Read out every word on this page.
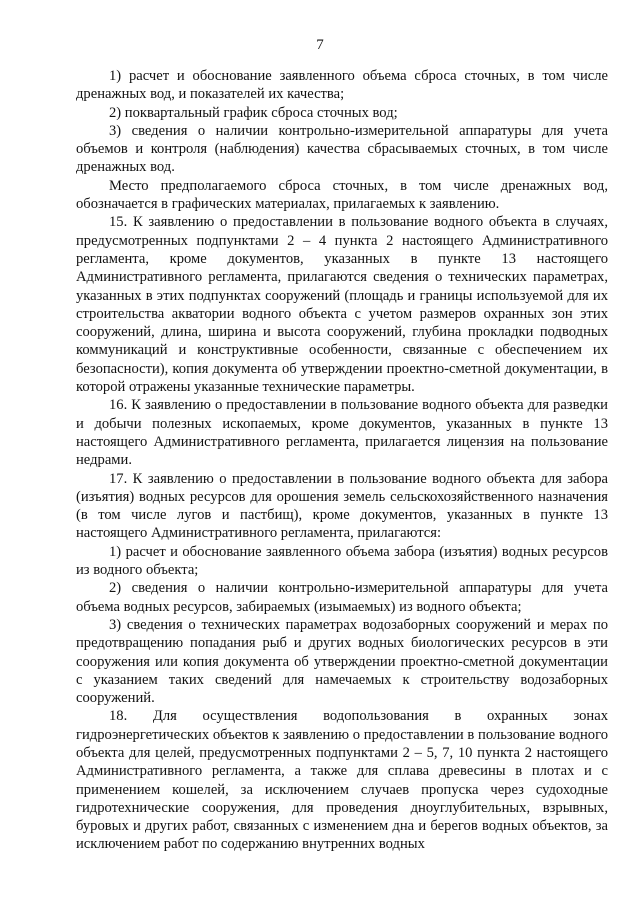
7

1) расчет и обоснование заявленного объема сброса сточных, в том числе дренажных вод, и показателей их качества;

2) поквартальный график сброса сточных вод;

3) сведения о наличии контрольно-измерительной аппаратуры для учета объемов и контроля (наблюдения) качества сбрасываемых сточных, в том числе дренажных вод.

Место предполагаемого сброса сточных, в том числе дренажных вод, обозначается в графических материалах, прилагаемых к заявлению.

15. К заявлению о предоставлении в пользование водного объекта в случаях, предусмотренных подпунктами 2 – 4 пункта 2 настоящего Административного регламента, кроме документов, указанных в пункте 13 настоящего Административного регламента, прилагаются сведения о технических параметрах, указанных в этих подпунктах сооружений (площадь и границы используемой для их строительства акватории водного объекта с учетом размеров охранных зон этих сооружений, длина, ширина и высота сооружений, глубина прокладки подводных коммуникаций и конструктивные особенности, связанные с обеспечением их безопасности), копия документа об утверждении проектно-сметной документации, в которой отражены указанные технические параметры.

16. К заявлению о предоставлении в пользование водного объекта для разведки и добычи полезных ископаемых, кроме документов, указанных в пункте 13 настоящего Административного регламента, прилагается лицензия на пользование недрами.

17. К заявлению о предоставлении в пользование водного объекта для забора (изъятия) водных ресурсов для орошения земель сельскохозяйственного назначения (в том числе лугов и пастбищ), кроме документов, указанных в пункте 13 настоящего Административного регламента, прилагаются:

1) расчет и обоснование заявленного объема забора (изъятия) водных ресурсов из водного объекта;

2) сведения о наличии контрольно-измерительной аппаратуры для учета объема водных ресурсов, забираемых (изымаемых) из водного объекта;

3) сведения о технических параметрах водозаборных сооружений и мерах по предотвращению попадания рыб и других водных биологических ресурсов в эти сооружения или копия документа об утверждении проектно-сметной документации с указанием таких сведений для намечаемых к строительству водозаборных сооружений.

18. Для осуществления водопользования в охранных зонах гидроэнергетических объектов к заявлению о предоставлении в пользование водного объекта для целей, предусмотренных подпунктами 2 – 5, 7, 10 пункта 2 настоящего Административного регламента, а также для сплава древесины в плотах и с применением кошелей, за исключением случаев пропуска через судоходные гидротехнические сооружения, для проведения дноуглубительных, взрывных, буровых и других работ, связанных с изменением дна и берегов водных объектов, за исключением работ по содержанию внутренних водных
